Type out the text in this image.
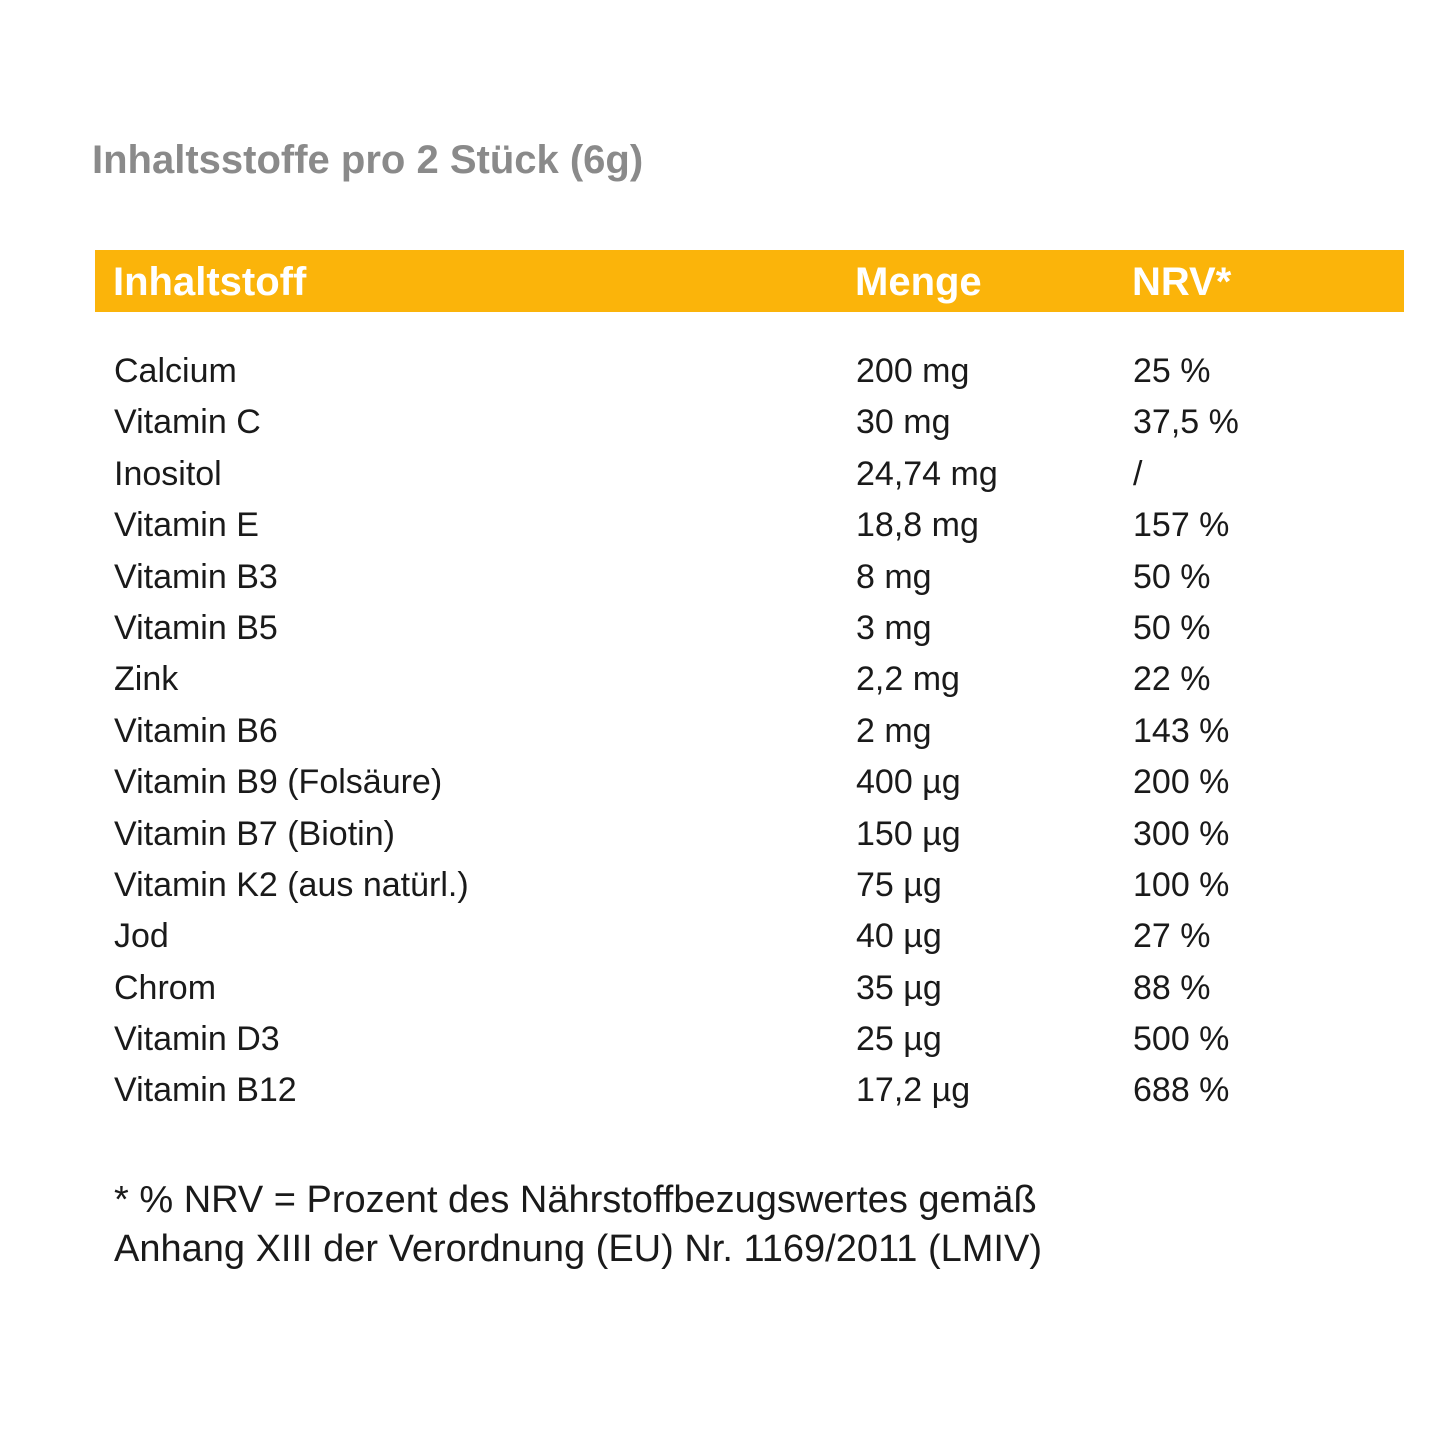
Inhaltsstoffe pro 2 Stück (6g)
Inhaltstoff	Menge	NRV*
Calcium	200 mg	25 %
Vitamin C	30 mg	37,5 %
Inositol	24,74 mg	/
Vitamin E	18,8 mg	157 %
Vitamin B3	8 mg	50 %
Vitamin B5	3 mg	50 %
Zink	2,2 mg	22 %
Vitamin B6	2 mg	143 %
Vitamin B9 (Folsäure)	400 µg	200 %
Vitamin B7 (Biotin)	150 µg	300 %
Vitamin K2 (aus natürl.)	75 µg	100 %
Jod	40 µg	27 %
Chrom	35 µg	88 %
Vitamin D3	25 µg	500 %
Vitamin B12	17,2 µg	688 %
* % NRV = Prozent des Nährstoffbezugswertes gemäß
Anhang XIII der Verordnung (EU) Nr. 1169/2011 (LMIV)
